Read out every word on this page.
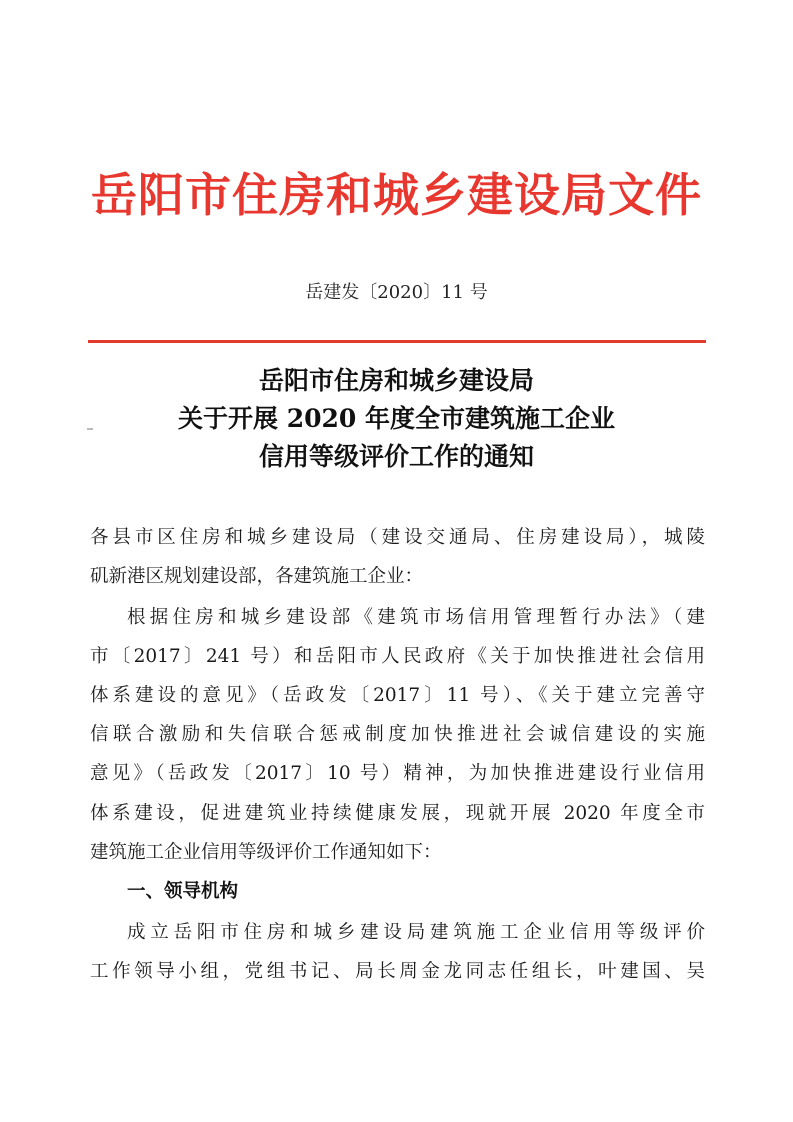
岳阳市住房和城乡建设局文件
岳建发〔2020〕11 号
岳阳市住房和城乡建设局
关于开展 2020 年度全市建筑施工企业
信用等级评价工作的通知
各县市区住房和城乡建设局（建设交通局、住房建设局），城陵
矶新港区规划建设部，各建筑施工企业：
根据住房和城乡建设部《建筑市场信用管理暂行办法》（建
市〔2017〕241 号）和岳阳市人民政府《关于加快推进社会信用
体系建设的意见》（岳政发〔2017〕11 号）、《关于建立完善守
信联合激励和失信联合惩戒制度加快推进社会诚信建设的实施
意见》（岳政发〔2017〕10 号）精神，为加快推进建设行业信用
体系建设，促进建筑业持续健康发展，现就开展 2020 年度全市
建筑施工企业信用等级评价工作通知如下：
成立岳阳市住房和城乡建设局建筑施工企业信用等级评价
工作领导小组，党组书记、局长周金龙同志任组长，叶建国、吴
一、领导机构
